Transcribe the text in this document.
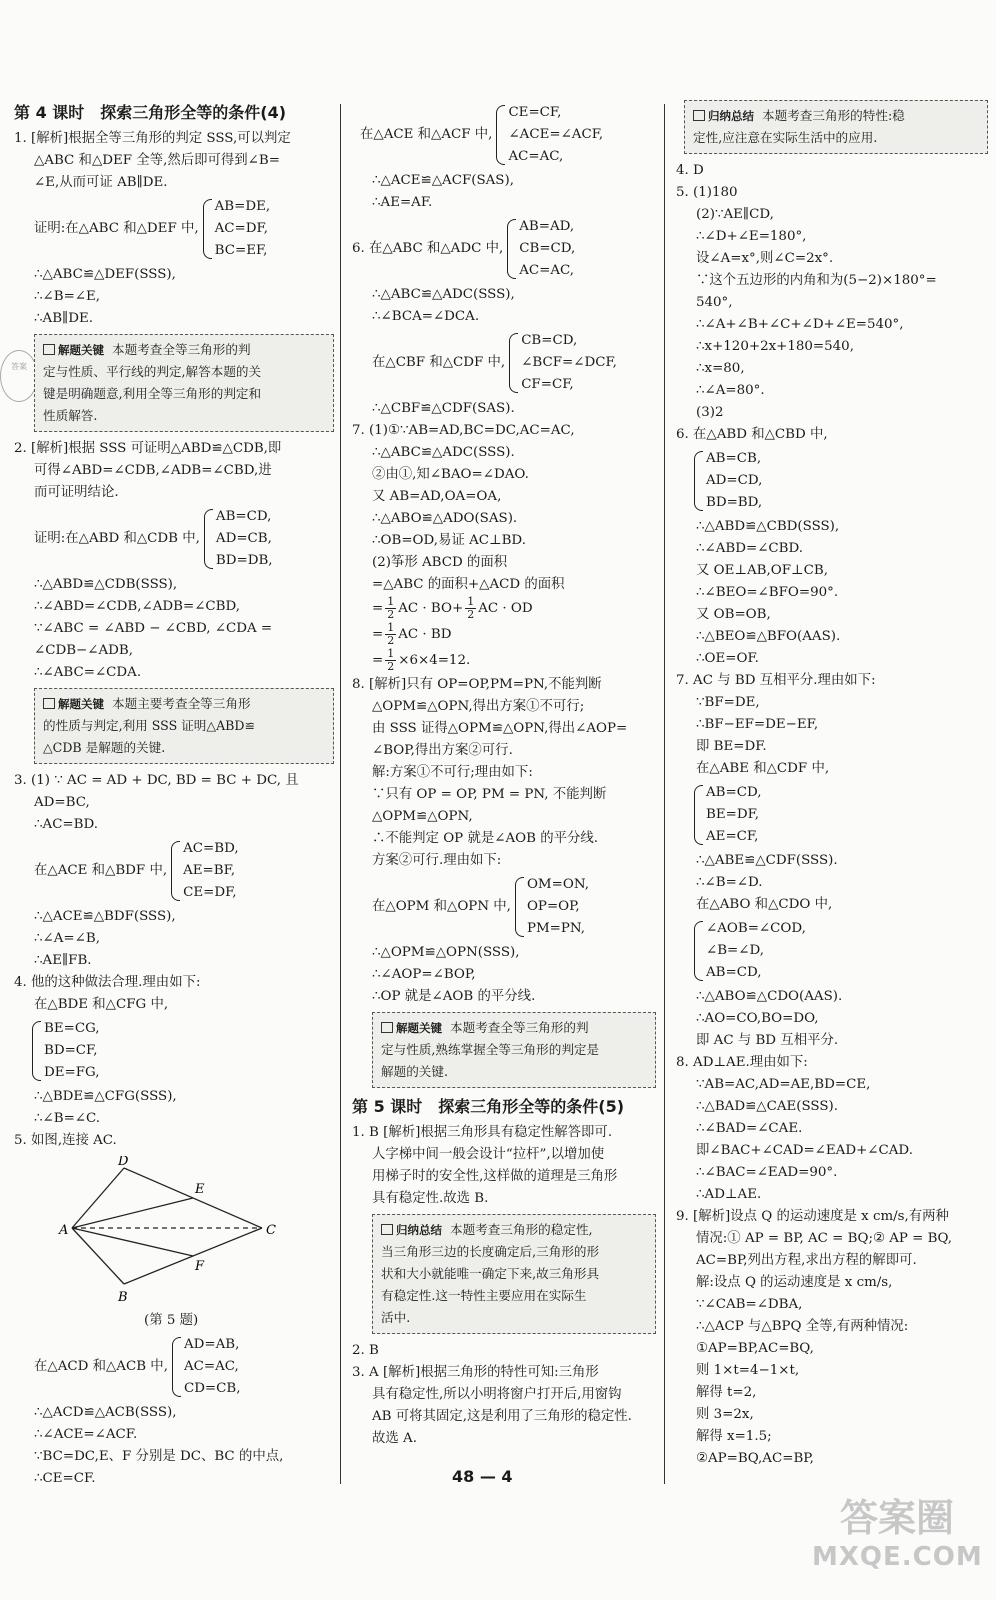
答案
第 4 课时　探索三角形全等的条件(4)
1. [解析]根据全等三角形的判定 SSS,可以判定
△ABC 和△DEF 全等,然后即可得到∠B=
∠E,从而可证 AB∥DE.
证明:在△ABC 和△DEF 中,
AB=DE,
AC=DF,
BC=EF,
∴△ABC≌△DEF(SSS),
∴∠B=∠E,
∴AB∥DE.
解题关键 本题考查全等三角形的判
定与性质、平行线的判定,解答本题的关
键是明确题意,利用全等三角形的判定和
性质解答.
2. [解析]根据 SSS 可证明△ABD≌△CDB,即
可得∠ABD=∠CDB,∠ADB=∠CBD,进
而可证明结论.
证明:在△ABD 和△CDB 中,
AB=CD,
AD=CB,
BD=DB,
∴△ABD≌△CDB(SSS),
∴∠ABD=∠CDB,∠ADB=∠CBD,
∵∠ABC = ∠ABD − ∠CBD, ∠CDA =
∠CDB−∠ADB,
∴∠ABC=∠CDA.
解题关键 本题主要考查全等三角形
的性质与判定,利用 SSS 证明△ABD≌
△CDB 是解题的关键.
3. (1) ∵ AC = AD + DC, BD = BC + DC, 且
AD=BC,
∴AC=BD.
在△ACE 和△BDF 中,
AC=BD,
AE=BF,
CE=DF,
∴△ACE≌△BDF(SSS),
∴∠A=∠B,
∴AE∥FB.
4. 他的这种做法合理.理由如下:
在△BDE 和△CFG 中,
BE=CG,
BD=CF,
DE=FG,
∴△BDE≌△CFG(SSS),
∴∠B=∠C.
5. 如图,连接 AC.
D
E
A	C
F
B
(第 5 题)
在△ACD 和△ACB 中,
AD=AB,
AC=AC,
CD=CB,
∴△ACD≌△ACB(SSS),
∴∠ACE=∠ACF.
∵BC=DC,E、F 分别是 DC、BC 的中点,
∴CE=CF.
在△ACE 和△ACF 中,
CE=CF,
∠ACE=∠ACF,
AC=AC,
∴△ACE≌△ACF(SAS),
∴AE=AF.
6. 在△ABC 和△ADC 中,
AB=AD,
CB=CD,
AC=AC,
∴△ABC≌△ADC(SSS),
∴∠BCA=∠DCA.
在△CBF 和△CDF 中,
CB=CD,
∠BCF=∠DCF,
CF=CF,
∴△CBF≌△CDF(SAS).
7. (1)①∵AB=AD,BC=DC,AC=AC,
∴△ABC≌△ADC(SSS).
②由①,知∠BAO=∠DAO.
又 AB=AD,OA=OA,
∴△ABO≌△ADO(SAS).
∴OB=OD,易证 AC⊥BD.
(2)筝形 ABCD 的面积
=△ABC 的面积+△ACD 的面积
= $\frac{1}{2}$ AC · $BO+ \frac{1}{2}$ AC · OD
= $\frac{1}{2}$ AC · BD
= $\frac{1}{2} \times 6\times 4=12$.
8. [解析]只有 OP=OP,PM=PN,不能判断
△OPM≌△OPN,得出方案①不可行;
由 SSS 证得△OPM≌△OPN,得出∠AOP=
∠BOP,得出方案②可行.
解:方案①不可行;理由如下:
∵只有 OP = OP, PM = PN, 不能判断
△OPM≌△OPN,
∴不能判定 OP 就是∠AOB 的平分线.
方案②可行.理由如下:
在△OPM 和△OPN 中,
OM=ON,
OP=OP,
PM=PN,
∴△OPM≌△OPN(SSS),
∴∠AOP=∠BOP,
∴OP 就是∠AOB 的平分线.
解题关键 本题考查全等三角形的判
定与性质,熟练掌握全等三角形的判定是
解题的关键.
第 5 课时　探索三角形全等的条件(5)
1. B [解析]根据三角形具有稳定性解答即可.
人字梯中间一般会设计“拉杆”,以增加使
用梯子时的安全性,这样做的道理是三角形
具有稳定性.故选 B.
归纳总结 本题考查三角形的稳定性,
当三角形三边的长度确定后,三角形的形
状和大小就能唯一确定下来,故三角形具
有稳定性.这一特性主要应用在实际生
活中.
2. B
3. A [解析]根据三角形的特性可知:三角形
具有稳定性,所以小明将窗户打开后,用窗钩
AB 可将其固定,这是利用了三角形的稳定性.
故选 A.
归纳总结 本题考查三角形的特性:稳
定性,应注意在实际生活中的应用.
4. D
5. (1)180
(2)∵AE∥CD,
∴∠D+∠E=180°,
设∠A=x°,则∠C=2x°.
∵这个五边形的内角和为(5−2)×180°=
540°,
∴∠A+∠B+∠C+∠D+∠E=540°,
∴x+120+2x+180=540,
∴x=80,
∴∠A=80°.
(3)2
6. 在△ABD 和△CBD 中,
AB=CB,
AD=CD,
BD=BD,
∴△ABD≌△CBD(SSS),
∴∠ABD=∠CBD.
又 OE⊥AB,OF⊥CB,
∴∠BEO=∠BFO=90°.
又 OB=OB,
∴△BEO≌△BFO(AAS).
∴OE=OF.
7. AC 与 BD 互相平分.理由如下:
∵BF=DE,
∴BF−EF=DE−EF,
即 BE=DF.
在△ABE 和△CDF 中,
AB=CD,
BE=DF,
AE=CF,
∴△ABE≌△CDF(SSS).
∴∠B=∠D.
在△ABO 和△CDO 中,
∠AOB=∠COD,
∠B=∠D,
AB=CD,
∴△ABO≌△CDO(AAS).
∴AO=CO,BO=DO,
即 AC 与 BD 互相平分.
8. AD⊥AE.理由如下:
∵AB=AC,AD=AE,BD=CE,
∴△BAD≌△CAE(SSS).
∴∠BAD=∠CAE.
即∠BAC+∠CAD=∠EAD+∠CAD.
∴∠BAC=∠EAD=90°.
∴AD⊥AE.
9. [解析]设点 Q 的运动速度是 x cm/s,有两种
情况:① AP = BP, AC = BQ;② AP = BQ,
AC=BP,列出方程,求出方程的解即可.
解:设点 Q 的运动速度是 x cm/s,
∵∠CAB=∠DBA,
∴△ACP 与△BPQ 全等,有两种情况:
①AP=BP,AC=BQ,
则 1×t=4−1×t,
解得 t=2,
则 3=2x,
解得 x=1.5;
②AP=BQ,AC=BP,
48 — 4
答案圈
MXQE.COM
